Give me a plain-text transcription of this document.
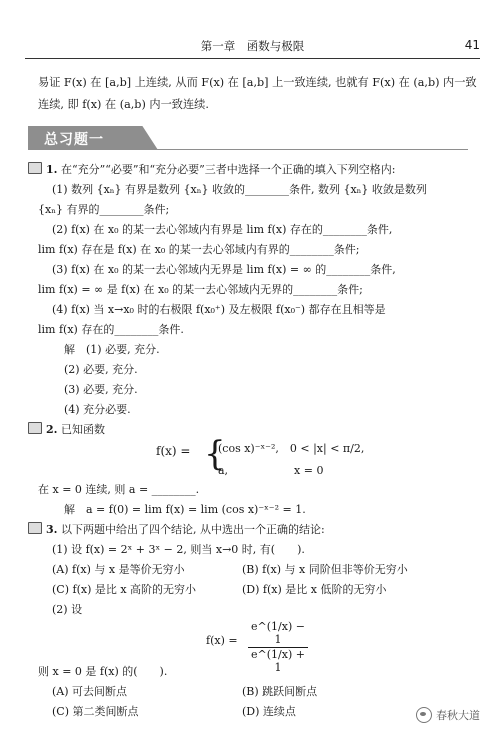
第一章　函数与极限	41
易证 F(x) 在 [a,b] 上连续, 从而 F(x) 在 [a,b] 上一致连续, 也就有 F(x) 在 (a,b) 内一致连续, 即 f(x) 在 (a,b) 内一致连续.
总习题一
1. 在“充分”“必要”和“充分必要”三者中选择一个正确的填入下列空格内:
(1) 数列 {xₙ} 有界是数列 {xₙ} 收敛的________条件, 数列 {xₙ} 收敛是数列
{xₙ} 有界的________条件;
(2) f(x) 在 x₀ 的某一去心邻域内有界是 lim f(x) 存在的________条件,
lim f(x) 存在是 f(x) 在 x₀ 的某一去心邻域内有界的________条件;
(3) f(x) 在 x₀ 的某一去心邻域内无界是 lim f(x) = ∞ 的________条件,
lim f(x) = ∞ 是 f(x) 在 x₀ 的某一去心邻域内无界的________条件;
(4) f(x) 当 x→x₀ 时的右极限 f(x₀⁺) 及左极限 f(x₀⁻) 都存在且相等是
lim f(x) 存在的________条件.
解　(1) 必要, 充分.
(2) 必要, 充分.
(3) 必要, 充分.
(4) 充分必要.
2. 已知函数
f(x) = {
(cos x)⁻ˣ⁻²,　0 < |x| < π/2,
a,　　　　　　x = 0
在 x = 0 连续, 则 a = ________.
解　a = f(0) = lim f(x) = lim (cos x)⁻ˣ⁻² = 1.
3. 以下两题中给出了四个结论, 从中选出一个正确的结论:
(1) 设 f(x) = 2ˣ + 3ˣ − 2, 则当 x→0 时, 有(　　).
(A) f(x) 与 x 是等价无穷小	(B) f(x) 与 x 同阶但非等价无穷小
(C) f(x) 是比 x 高阶的无穷小	(D) f(x) 是比 x 低阶的无穷小
(2) 设
$f(x) = \frac{e\^{}(1/x) - 1}{e\^{}(1/x) + 1}$
则 x = 0 是 f(x) 的(　　).
(A) 可去间断点	(B) 跳跃间断点
(C) 第二类间断点	(D) 连续点	春秋大道
